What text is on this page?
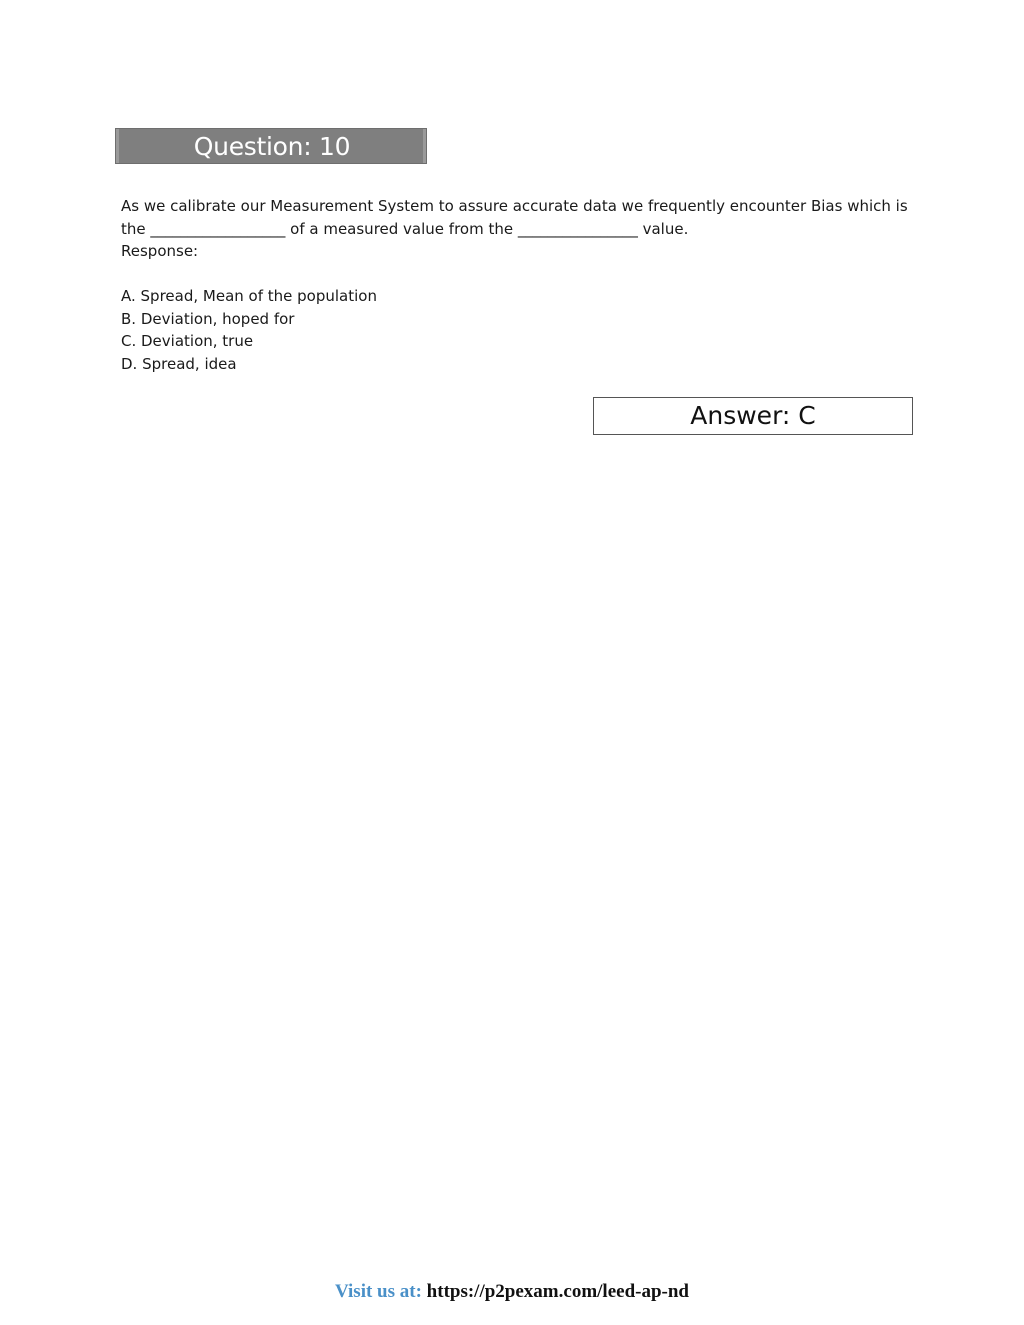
Question: 10

As we calibrate our Measurement System to assure accurate data we frequently encounter Bias which is

the __________________ of a measured value from the ________________ value.

Response:

A. Spread, Mean of the population
B. Deviation, hoped for
C. Deviation, true
D. Spread, idea
Answer: C
Visit us at: https://p2pexam.com/leed-ap-nd
